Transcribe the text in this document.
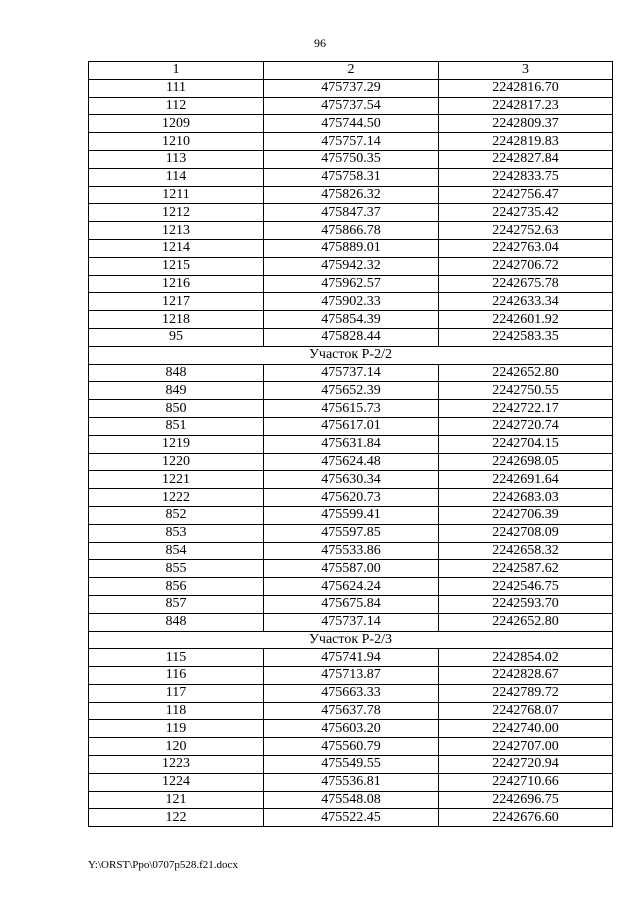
96
1	2	3
111	475737.29	2242816.70
112	475737.54	2242817.23
1209	475744.50	2242809.37
1210	475757.14	2242819.83
113	475750.35	2242827.84
114	475758.31	2242833.75
1211	475826.32	2242756.47
1212	475847.37	2242735.42
1213	475866.78	2242752.63
1214	475889.01	2242763.04
1215	475942.32	2242706.72
1216	475962.57	2242675.78
1217	475902.33	2242633.34
1218	475854.39	2242601.92
95	475828.44	2242583.35
Участок Р-2/2		
848	475737.14	2242652.80
849	475652.39	2242750.55
850	475615.73	2242722.17
851	475617.01	2242720.74
1219	475631.84	2242704.15
1220	475624.48	2242698.05
1221	475630.34	2242691.64
1222	475620.73	2242683.03
852	475599.41	2242706.39
853	475597.85	2242708.09
854	475533.86	2242658.32
855	475587.00	2242587.62
856	475624.24	2242546.75
857	475675.84	2242593.70
848	475737.14	2242652.80
Участок Р-2/3		
115	475741.94	2242854.02
116	475713.87	2242828.67
117	475663.33	2242789.72
118	475637.78	2242768.07
119	475603.20	2242740.00
120	475560.79	2242707.00
1223	475549.55	2242720.94
1224	475536.81	2242710.66
121	475548.08	2242696.75
122	475522.45	2242676.60
Y:\ORST\Ppo\0707p528.f21.docx
